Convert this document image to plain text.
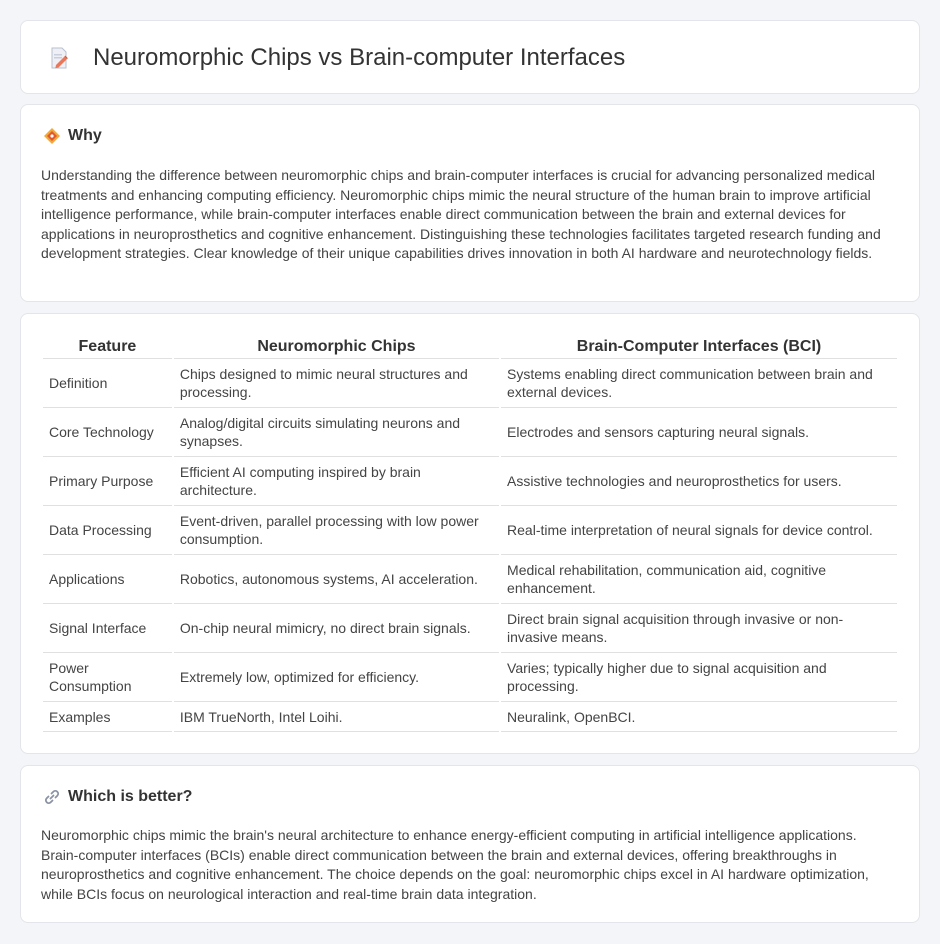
Neuromorphic Chips vs Brain-computer Interfaces
Why

Understanding the difference between neuromorphic chips and brain-computer interfaces is crucial for advancing personalized medical treatments and enhancing computing efficiency. Neuromorphic chips mimic the neural structure of the human brain to improve artificial intelligence performance, while brain-computer interfaces enable direct communication between the brain and external devices for applications in neuroprosthetics and cognitive enhancement. Distinguishing these technologies facilitates targeted research funding and development strategies. Clear knowledge of their unique capabilities drives innovation in both AI hardware and neurotechnology fields.

Feature	Neuromorphic Chips	Brain-Computer Interfaces (BCI)
Definition	Chips designed to mimic neural structures and processing.	Systems enabling direct communication between brain and external devices.
Core Technology	Analog/digital circuits simulating neurons and synapses.	Electrodes and sensors capturing neural signals.
Primary Purpose	Efficient AI computing inspired by brain architecture.	Assistive technologies and neuroprosthetics for users.
Data Processing	Event-driven, parallel processing with low power consumption.	Real-time interpretation of neural signals for device control.
Applications	Robotics, autonomous systems, AI acceleration.	Medical rehabilitation, communication aid, cognitive enhancement.
Signal Interface	On-chip neural mimicry, no direct brain signals.	Direct brain signal acquisition through invasive or non-invasive means.
Power Consumption	Extremely low, optimized for efficiency.	Varies; typically higher due to signal acquisition and processing.
Examples	IBM TrueNorth, Intel Loihi.	Neuralink, OpenBCI.
Which is better?

Neuromorphic chips mimic the brain's neural architecture to enhance energy-efficient computing in artificial intelligence applications. Brain-computer interfaces (BCIs) enable direct communication between the brain and external devices, offering breakthroughs in neuroprosthetics and cognitive enhancement. The choice depends on the goal: neuromorphic chips excel in AI hardware optimization, while BCIs focus on neurological interaction and real-time brain data integration.
